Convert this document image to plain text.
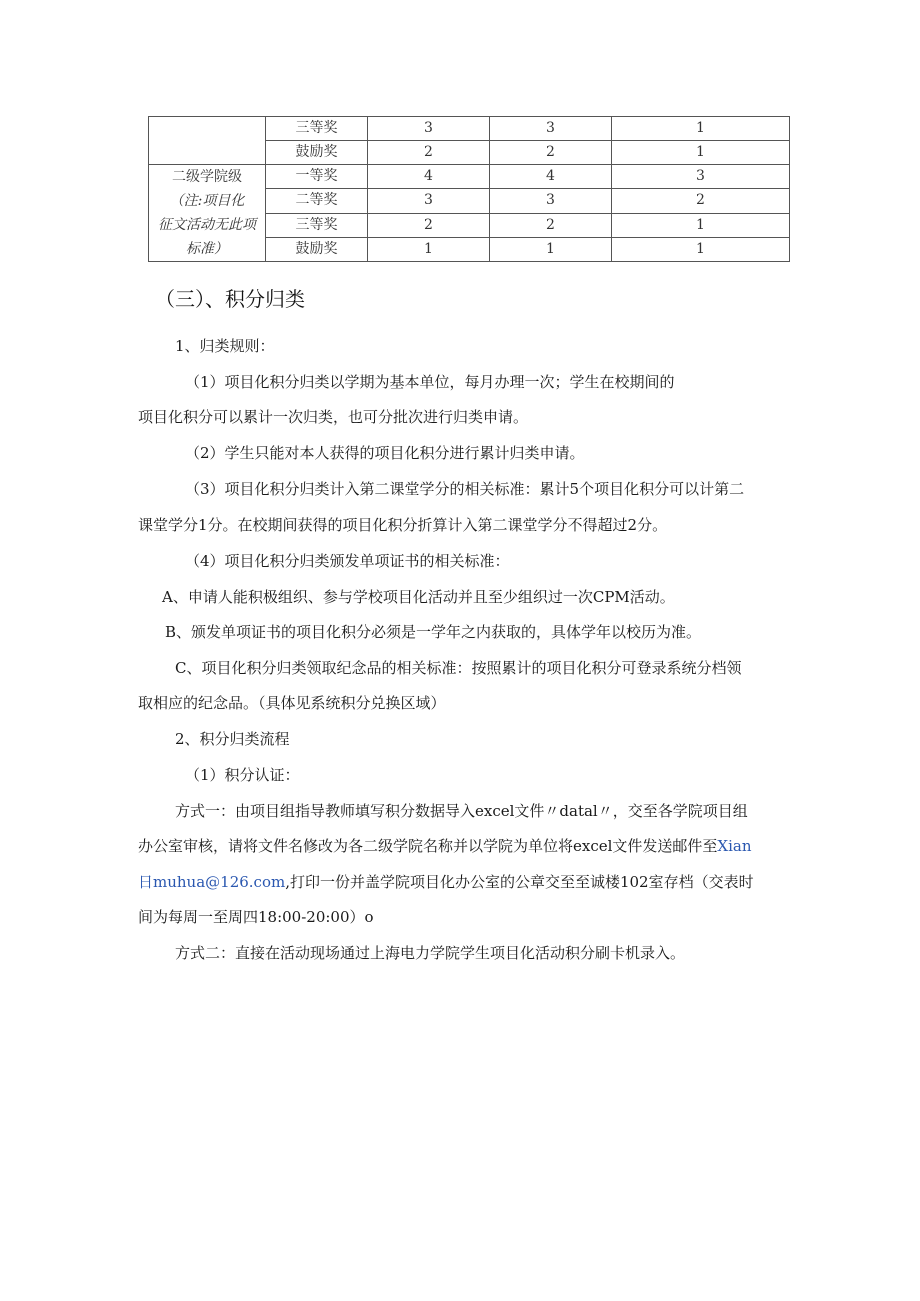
	三等奖	3	3	1
	鼓励奖	2	2	1

二级学院级
（注:项目化
征文活动无此项
标准）	一等奖	4	4	3
	二等奖	3	3	2
	三等奖	2	2	1
	鼓励奖	1	1	1
（三）、积分归类
1、归类规则：
（1）项目化积分归类以学期为基本单位，每月办理一次；学生在校期间的
项目化积分可以累计一次归类，也可分批次进行归类申请。
（2）学生只能对本人获得的项目化积分进行累计归类申请。
（3）项目化积分归类计入第二课堂学分的相关标准：累计5个项目化积分可以计第二
课堂学分1分。在校期间获得的项目化积分折算计入第二课堂学分不得超过2分。
（4）项目化积分归类颁发单项证书的相关标准：
A、申请人能积极组织、参与学校项目化活动并且至少组织过一次CPM活动。
B、颁发单项证书的项目化积分必须是一学年之内获取的，具体学年以校历为准。
C、项目化积分归类领取纪念品的相关标准：按照累计的项目化积分可登录系统分档领
取相应的纪念品。（具体见系统积分兑换区域）
2、积分归类流程
（1）积分认证：
方式一：由项目组指导教师填写积分数据导入excel文件〃datal〃，交至各学院项目组
办公室审核，请将文件名修改为各二级学院名称并以学院为单位将excel文件发送邮件至Xian
日muhua@126.com,打印一份并盖学院项目化办公室的公章交至至诚楼102室存档（交表时
间为每周一至周四18:00-20:00）o
方式二：直接在活动现场通过上海电力学院学生项目化活动积分刷卡机录入。
